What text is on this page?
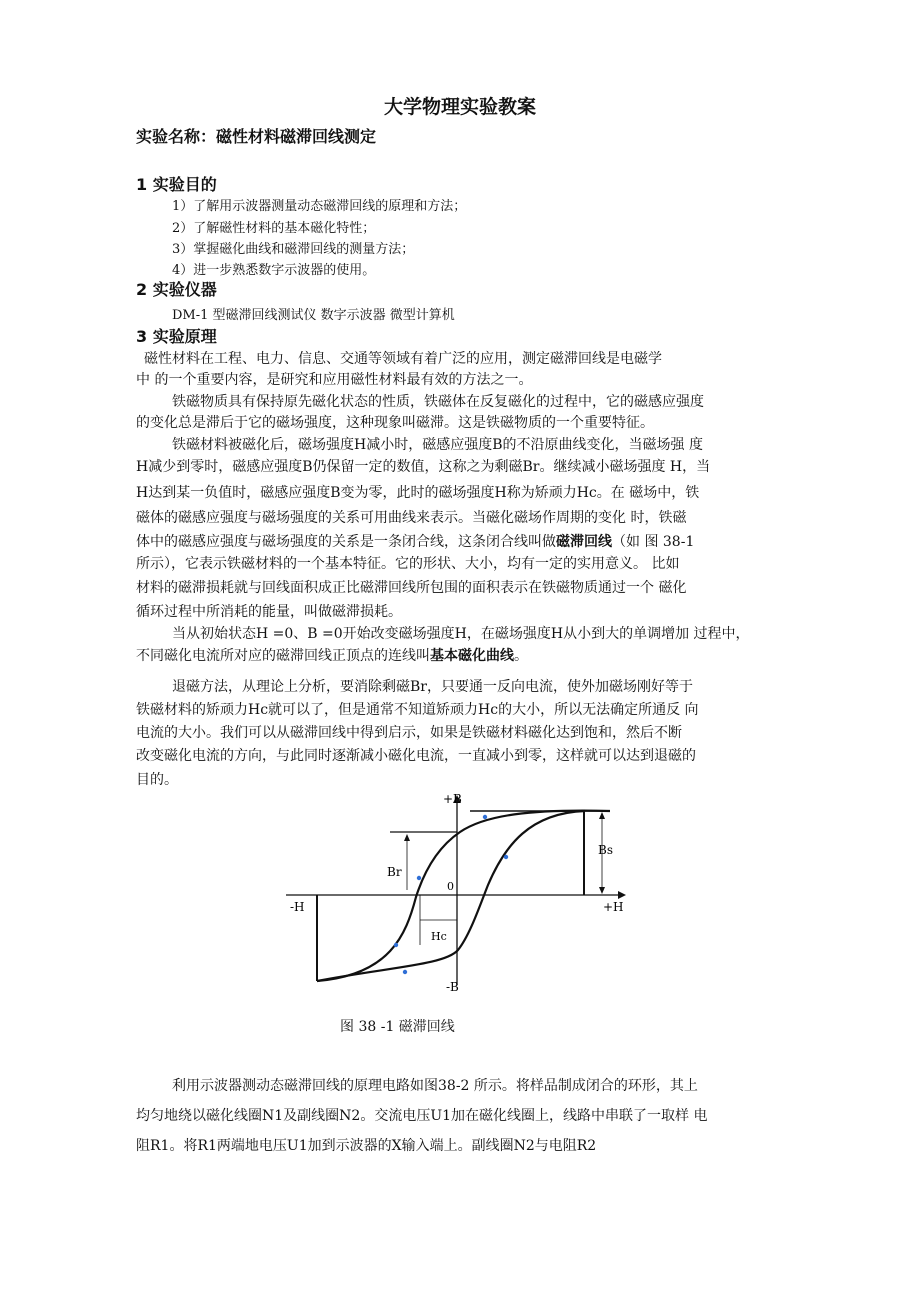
大学物理实验教案
实验名称：磁性材料磁滞回线测定
1 实验目的
1）了解用示波器测量动态磁滞回线的原理和方法；
2）了解磁性材料的基本磁化特性；
3）掌握磁化曲线和磁滞回线的测量方法；
4）进一步熟悉数字示波器的使用。
2 实验仪器
DM-1 型磁滞回线测试仪 数字示波器 微型计算机
3 实验原理
磁性材料在工程、电力、信息、交通等领域有着广泛的应用，测定磁滞回线是电磁学
中 的一个重要内容，是研究和应用磁性材料最有效的方法之一。
铁磁物质具有保持原先磁化状态的性质，铁磁体在反复磁化的过程中，它的磁感应强度
的变化总是滞后于它的磁场强度，这种现象叫磁滞。这是铁磁物质的一个重要特征。
铁磁材料被磁化后，磁场强度H减小时，磁感应强度B的不沿原曲线变化，当磁场强 度
H减少到零时，磁感应强度B仍保留一定的数值，这称之为剩磁Br。继续减小磁场强度 H，当
H达到某一负值时，磁感应强度B变为零，此时的磁场强度H称为矫顽力Hc。在 磁场中，铁
磁体的磁感应强度与磁场强度的关系可用曲线来表示。当磁化磁场作周期的变化 时，铁磁
体中的磁感应强度与磁场强度的关系是一条闭合线，这条闭合线叫做磁滞回线（如 图 38-1
所示），它表示铁磁材料的一个基本特征。它的形状、大小，均有一定的实用意义。 比如
材料的磁滞损耗就与回线面积成正比磁滞回线所包围的面积表示在铁磁物质通过一个 磁化
循环过程中所消耗的能量，叫做磁滞损耗。
当从初始状态H =0、B =0开始改变磁场强度H，在磁场强度H从小到大的单调增加 过程中，
不同磁化电流所对应的磁滞回线正顶点的连线叫基本磁化曲线。
退磁方法，从理论上分析，要消除剩磁Br，只要通一反向电流，使外加磁场刚好等于
铁磁材料的矫顽力Hc就可以了，但是通常不知道矫顽力Hc的大小，所以无法确定所通反 向
电流的大小。我们可以从磁滞回线中得到启示，如果是铁磁材料磁化达到饱和，然后不断
改变磁化电流的方向，与此同时逐渐减小磁化电流，一直减小到零，这样就可以达到退磁的
目的。
+B
-B
+H
-H
Br
Bs
Hc
0
图 38 -1 磁滞回线
利用示波器测动态磁滞回线的原理电路如图38-2 所示。将样品制成闭合的环形，其上
均匀地绕以磁化线圈N1及副线圈N2。交流电压U1加在磁化线圈上，线路中串联了一取样 电
阻R1。将R1两端地电压U1加到示波器的X输入端上。副线圈N2与电阻R2
